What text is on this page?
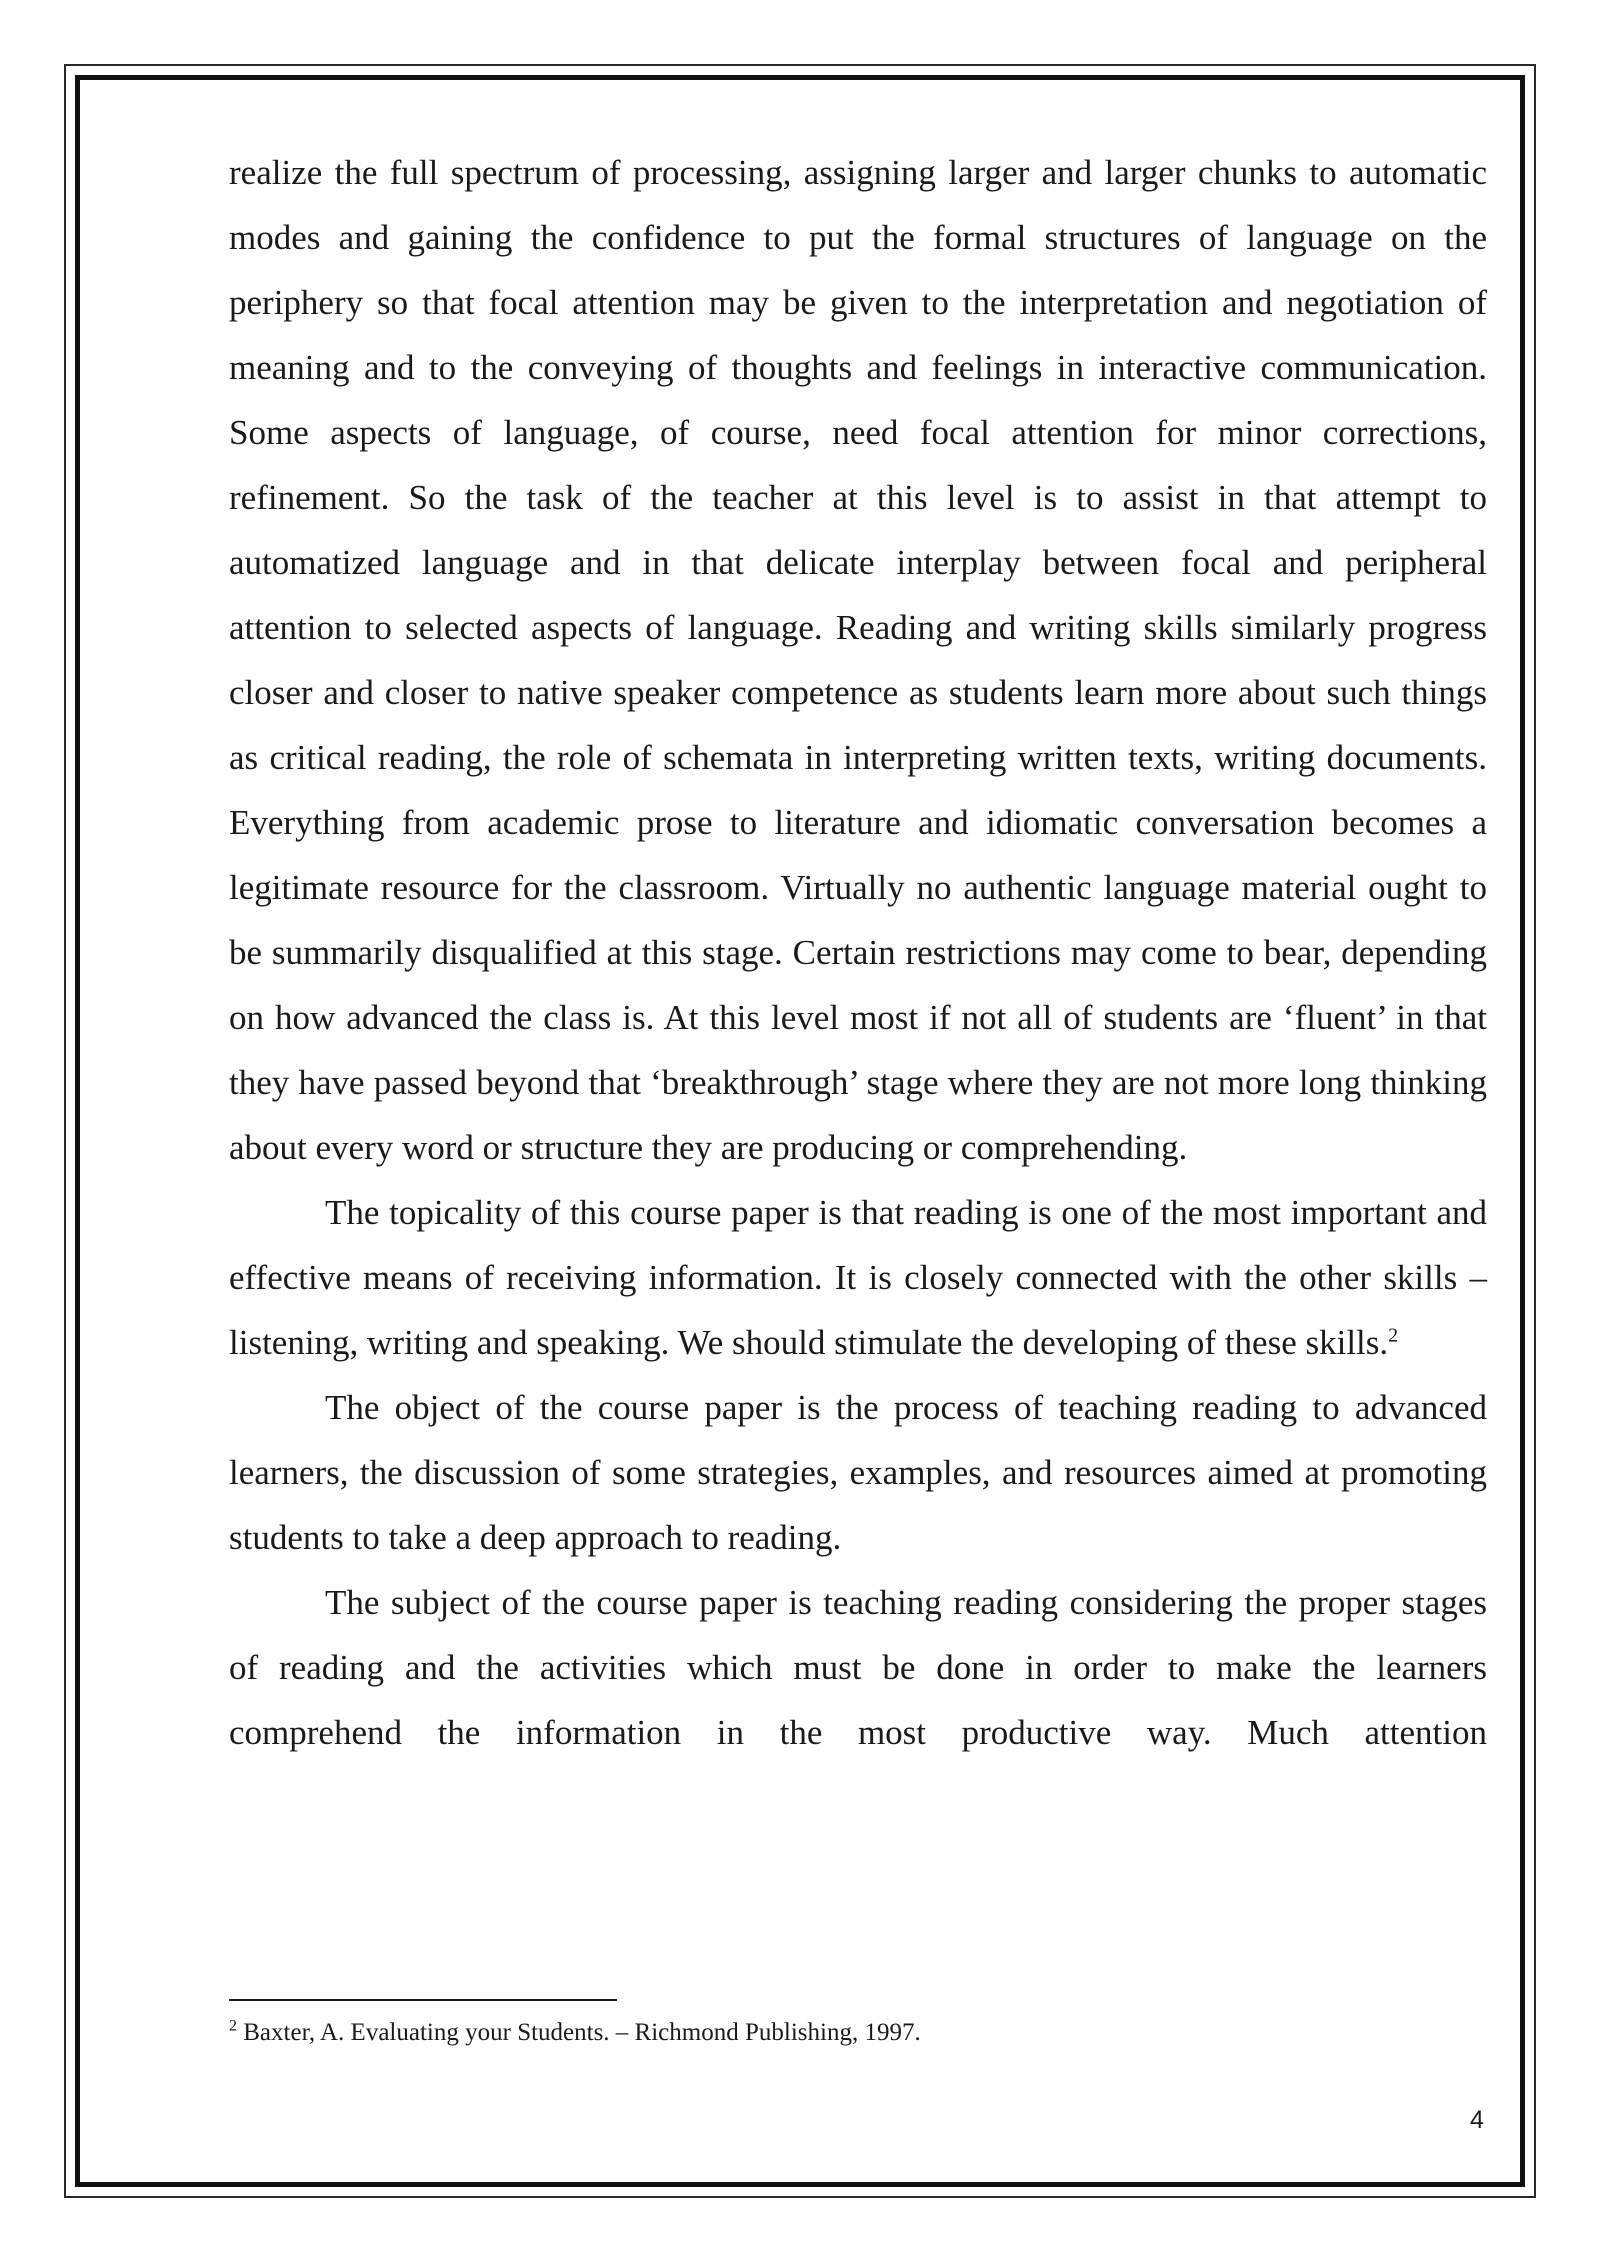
realize the full spectrum of processing, assigning larger and larger chunks to automatic modes and gaining the confidence to put the formal structures of language on the periphery so that focal attention may be given to the interpretation and negotiation of meaning and to the conveying of thoughts and feelings in interactive communication. Some aspects of language, of course, need focal attention for minor corrections, refinement. So the task of the teacher at this level is to assist in that attempt to automatized language and in that delicate interplay between focal and peripheral attention to selected aspects of language. Reading and writing skills similarly progress closer and closer to native speaker competence as students learn more about such things as critical reading, the role of schemata in interpreting written texts, writing documents. Everything from academic prose to literature and idiomatic conversation becomes a legitimate resource for the classroom. Virtually no authentic language material ought to be summarily disqualified at this stage. Certain restrictions may come to bear, depending on how advanced the class is. At this level most if not all of students are ‘fluent’ in that they have passed beyond that ‘breakthrough’ stage where they are not more long thinking about every word or structure they are producing or comprehending.

The topicality of this course paper is that reading is one of the most important and effective means of receiving information. It is closely connected with the other skills – listening, writing and speaking. We should stimulate the developing of these skills.$^2$

The object of the course paper is the process of teaching reading to advanced learners, the discussion of some strategies, examples, and resources aimed at promoting students to take a deep approach to reading.

The subject of the course paper is teaching reading considering the proper stages of reading and the activities which must be done in order to make the learners comprehend the information in the most productive way. Much attention

$^2$ Baxter, A. Evaluating your Students. – Richmond Publishing, 1997.
4
